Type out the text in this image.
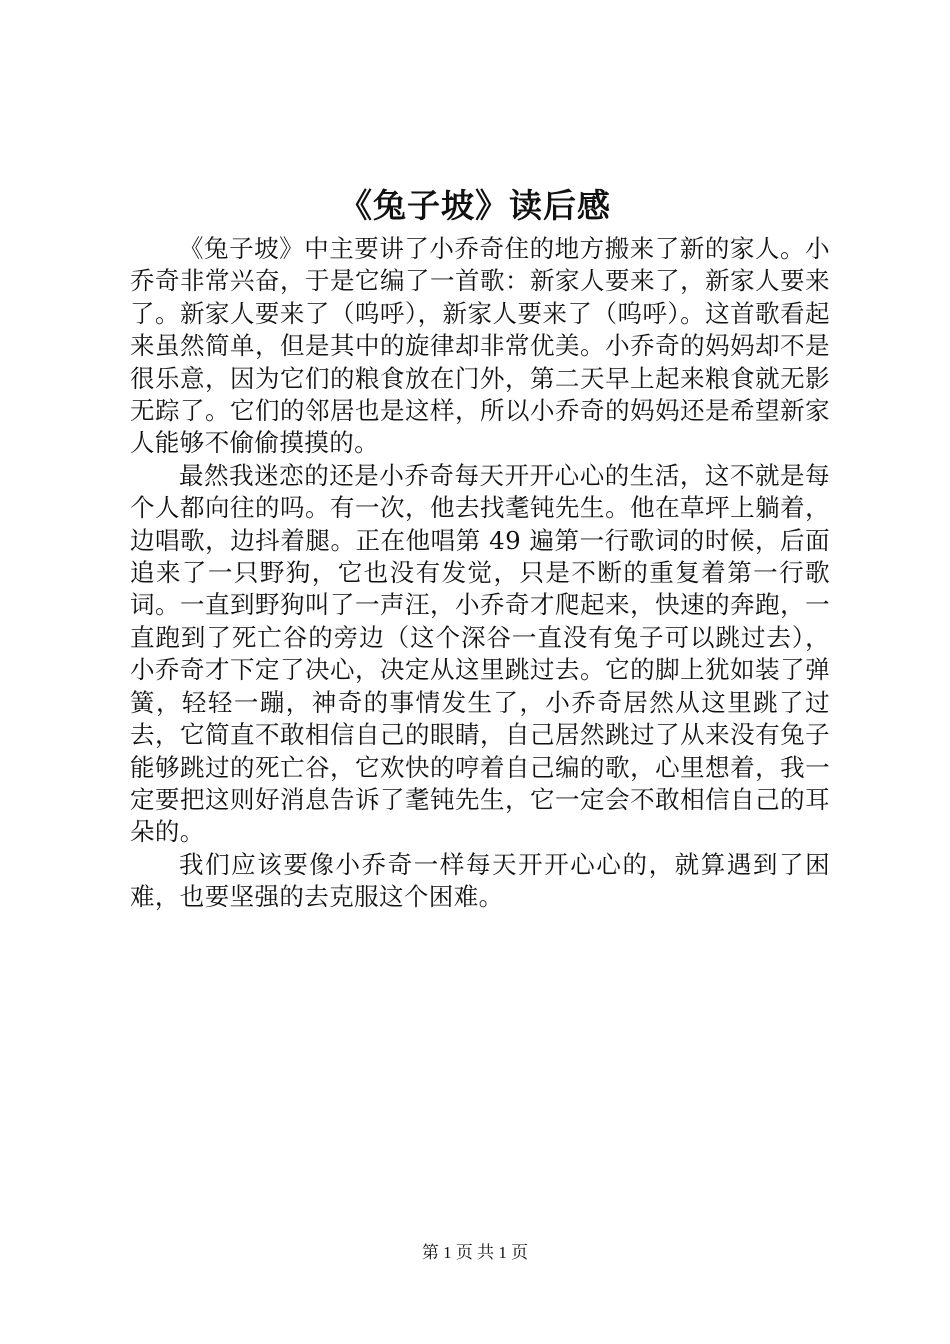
《兔子坡》读后感

《兔子坡》中主要讲了小乔奇住的地方搬来了新的家人。小乔奇非常兴奋，于是它编了一首歌：新家人要来了，新家人要来了。新家人要来了（呜呼），新家人要来了（呜呼）。这首歌看起来虽然简单，但是其中的旋律却非常优美。小乔奇的妈妈却不是很乐意，因为它们的粮食放在门外，第二天早上起来粮食就无影无踪了。它们的邻居也是这样，所以小乔奇的妈妈还是希望新家人能够不偷偷摸摸的。

最然我迷恋的还是小乔奇每天开开心心的生活，这不就是每个人都向往的吗。有一次，他去找耄钝先生。他在草坪上躺着，边唱歌，边抖着腿。正在他唱第 49 遍第一行歌词的时候，后面追来了一只野狗，它也没有发觉，只是不断的重复着第一行歌词。一直到野狗叫了一声汪，小乔奇才爬起来，快速的奔跑，一直跑到了死亡谷的旁边（这个深谷一直没有兔子可以跳过去），小乔奇才下定了决心，决定从这里跳过去。它的脚上犹如装了弹簧，轻轻一蹦，神奇的事情发生了，小乔奇居然从这里跳了过去，它简直不敢相信自己的眼睛，自己居然跳过了从来没有兔子能够跳过的死亡谷，它欢快的哼着自己编的歌，心里想着，我一定要把这则好消息告诉了耄钝先生，它一定会不敢相信自己的耳朵的。

我们应该要像小乔奇一样每天开开心心的，就算遇到了困难，也要坚强的去克服这个困难。

第 1 页 共 1 页
